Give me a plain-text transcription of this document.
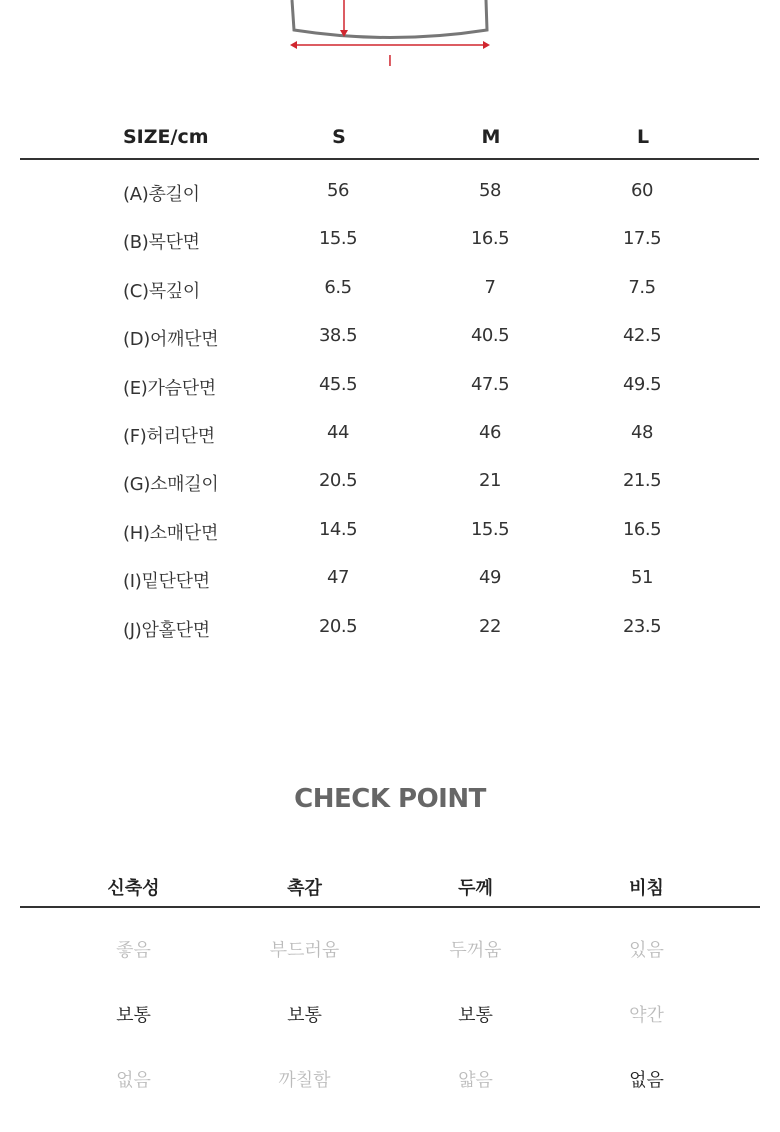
I
SIZE/cm	S	M	L
(A)총길이	56	58	60
(B)목단면	15.5	16.5	17.5
(C)목깊이	6.5	7	7.5
(D)어깨단면	38.5	40.5	42.5
(E)가슴단면	45.5	47.5	49.5
(F)허리단면	44	46	48
(G)소매길이	20.5	21	21.5
(H)소매단면	14.5	15.5	16.5
(I)밑단단면	47	49	51
(J)암홀단면	20.5	22	23.5
CHECK POINT
신축성	촉감	두께	비침
좋음	부드러움	두꺼움	있음
보통	보통	보통	약간
없음	까칠함	얇음	없음
